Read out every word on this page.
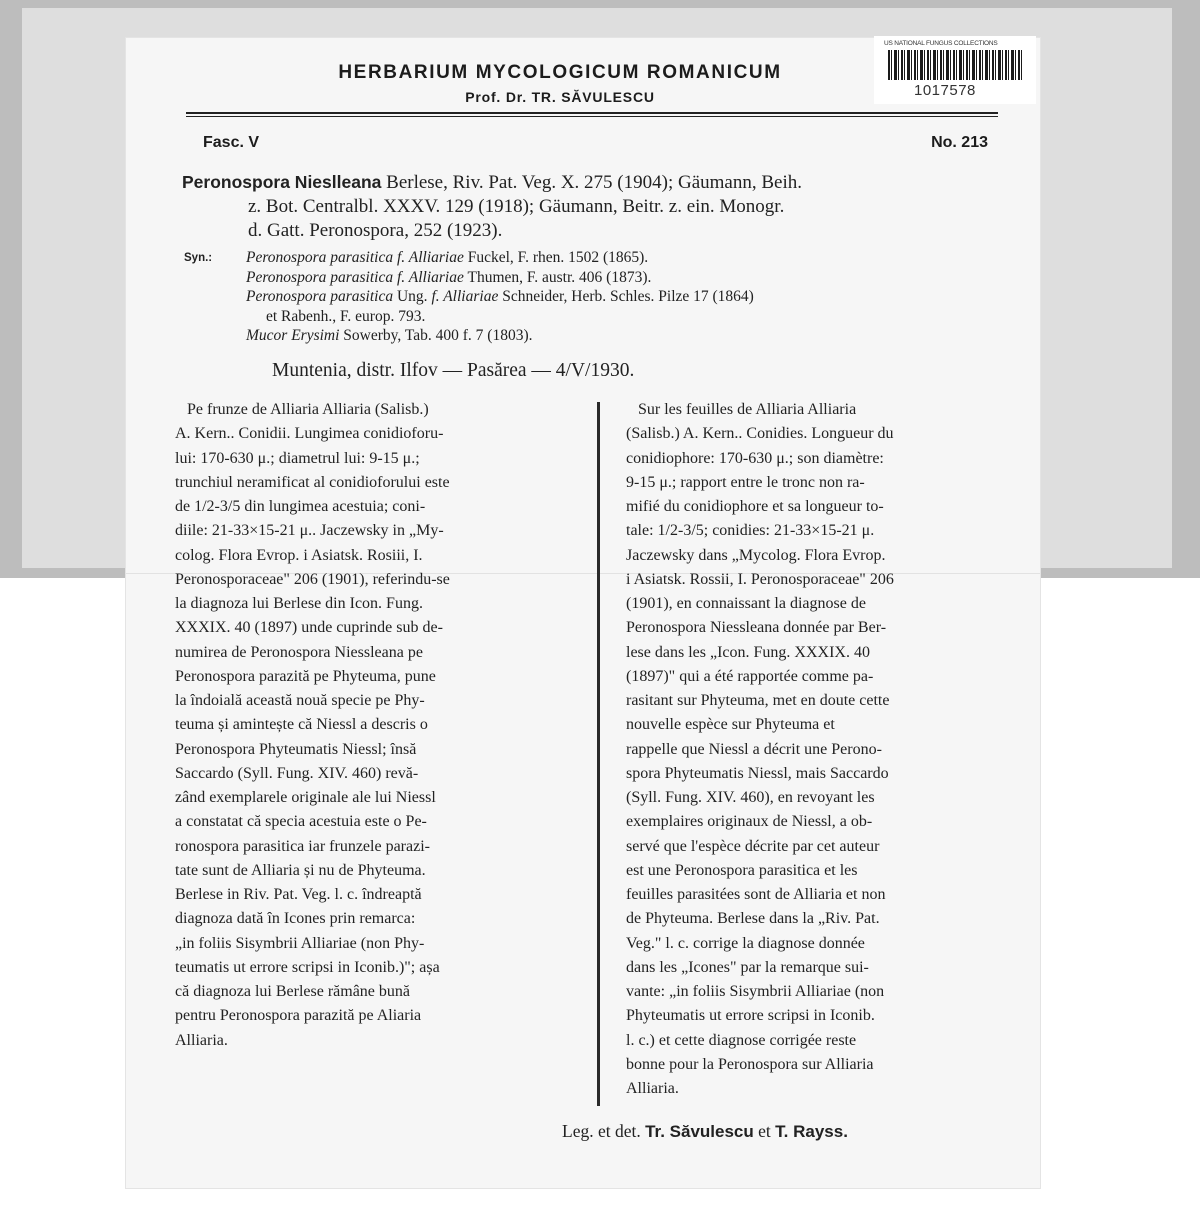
US NATIONAL FUNGUS COLLECTIONS
1017578
HERBARIUM MYCOLOGICUM ROMANICUM
Prof. Dr. TR. SĂVULESCU
Fasc. V	No. 213
Peronospora Nieslleana Berlese, Riv. Pat. Veg. X. 275 (1904); Gäumann, Beih.
z. Bot. Centralbl. XXXV. 129 (1918); Gäumann, Beitr. z. ein. Monogr.
d. Gatt. Peronospora, 252 (1923).
Syn.: Peronospora parasitica f. Alliariae Fuckel, F. rhen. 1502 (1865).
Peronospora parasitica f. Alliariae Thumen, F. austr. 406 (1873).
Peronospora parasitica Ung. f. Alliariae Schneider, Herb. Schles. Pilze 17 (1864)
et Rabenh., F. europ. 793.
Mucor Erysimi Sowerby, Tab. 400 f. 7 (1803).
Muntenia, distr. Ilfov — Pasărea — 4/V/1930.
Pe frunze de Alliaria Alliaria (Salisb.)
A. Kern.. Conidii. Lungimea conidioforu-
lui: 170-630 μ.; diametrul lui: 9-15 μ.;
trunchiul neramificat al conidioforului este
de 1/2-3/5 din lungimea acestuia; coni-
diile: 21-33×15-21 μ.. Jaczewsky in „My-
colog. Flora Evrop. i Asiatsk. Rosiii, I.
Peronosporaceae" 206 (1901), referindu-se
la diagnoza lui Berlese din Icon. Fung.
XXXIX. 40 (1897) unde cuprinde sub de-
numirea de Peronospora Niessleana pe
Peronospora parazită pe Phyteuma, pune
la îndoială această nouă specie pe Phy-
teuma și amintește că Niessl a descris o
Peronospora Phyteumatis Niessl; însă
Saccardo (Syll. Fung. XIV. 460) revă-
zând exemplarele originale ale lui Niessl
a constatat că specia acestuia este o Pe-
ronospora parasitica iar frunzele parazi-
tate sunt de Alliaria și nu de Phyteuma.
Berlese in Riv. Pat. Veg. l. c. îndreaptă
diagnoza dată în Icones prin remarca:
„in foliis Sisymbrii Alliariae (non Phy-
teumatis ut errore scripsi in Iconib.)"; așa
că diagnoza lui Berlese rămâne bună
pentru Peronospora parazită pe Aliaria
Alliaria.
Sur les feuilles de Alliaria Alliaria
(Salisb.) A. Kern.. Conidies. Longueur du
conidiophore: 170-630 μ.; son diamètre:
9-15 μ.; rapport entre le tronc non ra-
mifié du conidiophore et sa longueur to-
tale: 1/2-3/5; conidies: 21-33×15-21 μ.
Jaczewsky dans „Mycolog. Flora Evrop.
i Asiatsk. Rossii, I. Peronosporaceae" 206
(1901), en connaissant la diagnose de
Peronospora Niessleana donnée par Ber-
lese dans les „Icon. Fung. XXXIX. 40
(1897)" qui a été rapportée comme pa-
rasitant sur Phyteuma, met en doute cette
nouvelle espèce sur Phyteuma et
rappelle que Niessl a décrit une Perono-
spora Phyteumatis Niessl, mais Saccardo
(Syll. Fung. XIV. 460), en revoyant les
exemplaires originaux de Niessl, a ob-
servé que l'espèce décrite par cet auteur
est une Peronospora parasitica et les
feuilles parasitées sont de Alliaria et non
de Phyteuma. Berlese dans la „Riv. Pat.
Veg." l. c. corrige la diagnose donnée
dans les „Icones" par la remarque sui-
vante: „in foliis Sisymbrii Alliariae (non
Phyteumatis ut errore scripsi in Iconib.
l. c.) et cette diagnose corrigée reste
bonne pour la Peronospora sur Alliaria
Alliaria.
Leg. et det. Tr. Săvulescu et T. Rayss.
